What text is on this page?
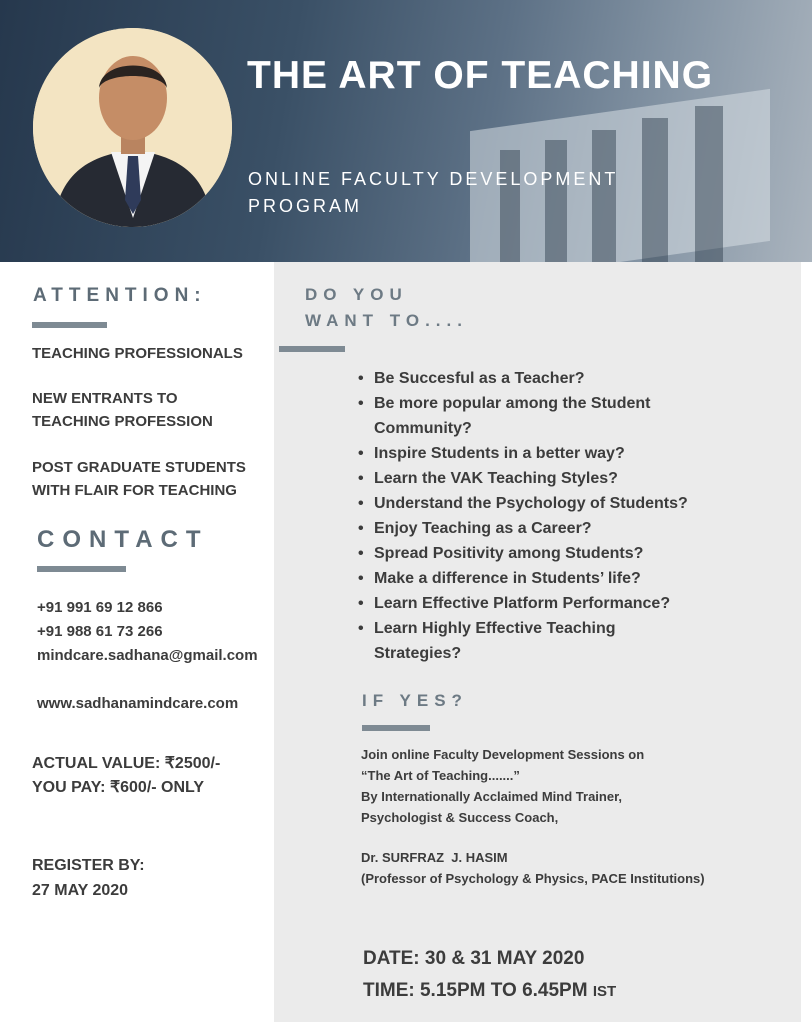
THE ART OF TEACHING
ONLINE FACULTY DEVELOPMENT
PROGRAM
ATTENTION:
TEACHING PROFESSIONALS
NEW ENTRANTS TO
TEACHING PROFESSION
POST GRADUATE STUDENTS
WITH FLAIR FOR TEACHING
CONTACT
+91 991 69 12 866
+91 988 61 73 266
mindcare.sadhana@gmail.com
www.sadhanamindcare.com
ACTUAL VALUE: ₹2500/-
YOU PAY: ₹600/- ONLY
REGISTER BY:
27 MAY 2020
DO YOU
WANT TO....
• Be Succesful as a Teacher?
• Be more popular among the Student
Community?
• Inspire Students in a better way?
• Learn the VAK Teaching Styles?
• Understand the Psychology of Students?
• Enjoy Teaching as a Career?
• Spread Positivity among Students?
• Make a difference in Students’ life?
• Learn Effective Platform Performance?
• Learn Highly Effective Teaching
Strategies?
IF YES?
Join online Faculty Development Sessions on
“The Art of Teaching.......”
By Internationally Acclaimed Mind Trainer,
Psychologist & Success Coach,
Dr. SURFRAZ  J. HASIM
(Professor of Psychology & Physics, PACE Institutions)
DATE: 30 & 31 MAY 2020
TIME: 5.15PM TO 6.45PM IST
